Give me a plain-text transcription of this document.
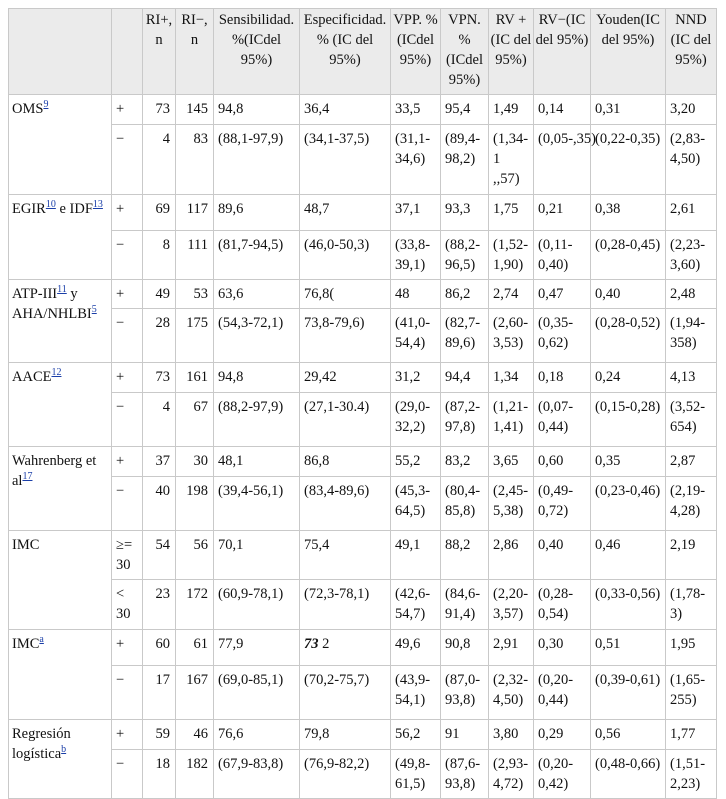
		RI+, n	RI−, n	Sensibilidad. %(ICdel 95%)	Especificidad. % (IC del 95%)	VPP. % (ICdel 95%)	VPN. % (ICdel 95%)	RV + (IC del 95%)	RV−(IC del 95%)	Youden(IC del 95%)	NND (IC del 95%)
$OMS^9$	+	73	145	94,8	36,4	33,5	95,4	1,49	0,14	0,31	3,20
	−	4	83	(88,1-97,9)	(34,1-37,5)	(31,1-34,6)	(89,4-98,2)	(1,34-1 ,,57)	(0,05-,35)	(0,22-0,35)	(2,83-4,50)
EGIR$^{10}$ e $IDF^{13}$	+	69	117	89,6	48,7	37,1	93,3	1,75	0,21	0,38	2,61
	−	8	111	(81,7-94,5)	(46,0-50,3)	(33,8-39,1)	(88,2-96,5)	(1,52-1,90)	(0,11-0,40)	(0,28-0,45)	(2,23-3,60)
ATP-III$^{11}$ y AHA/$NHLBI^5$	+	49	53	63,6	76,8(	48	86,2	2,74	0,47	0,40	2,48
	−	28	175	(54,3-72,1)	73,8-79,6)	(41,0-54,4)	(82,7-89,6)	(2,60-3,53)	(0,35-0,62)	(0,28-0,52)	(1,94-358)
$AACE^{12}$	+	73	161	94,8	29,42	31,2	94,4	1,34	0,18	0,24	4,13
	−	4	67	(88,2-97,9)	(27,1-30.4)	(29,0-32,2)	(87,2-97,8)	(1,21-1,41)	(0,07-0,44)	(0,15-0,28)	(3,52-654)
Wahrenberg et $al^{17}$	+	37	30	48,1	86,8	55,2	83,2	3,65	0,60	0,35	2,87
	−	40	198	(39,4-56,1)	(83,4-89,6)	(45,3-64,5)	(80,4-85,8)	(2,45-5,38)	(0,49-0,72)	(0,23-0,46)	(2,19-4,28)
IMC	≥= 30	54	56	70,1	75,4	49,1	88,2	2,86	0,40	0,46	2,19
	< 30	23	172	(60,9-78,1)	(72,3-78,1)	(42,6-54,7)	(84,6-91,4)	(2,20-3,57)	(0,28-0,54)	(0,33-0,56)	(1,78-3)
$IMC^a$	+	60	61	77,9	73 2	49,6	90,8	2,91	0,30	0,51	1,95
	−	17	167	(69,0-85,1)	(70,2-75,7)	(43,9-54,1)	(87,0-93,8)	(2,32-4,50)	(0,20-0,44)	(0,39-0,61)	(1,65-255)
Regresión logística$^b$	+	59	46	76,6	79,8	56,2	91	3,80	0,29	0,56	1,77
	−	18	182	(67,9-83,8)	(76,9-82,2)	(49,8-61,5)	(87,6-93,8)	(2,93-4,72)	(0,20-0,42)	(0,48-0,66)	(1,51-2,23)
